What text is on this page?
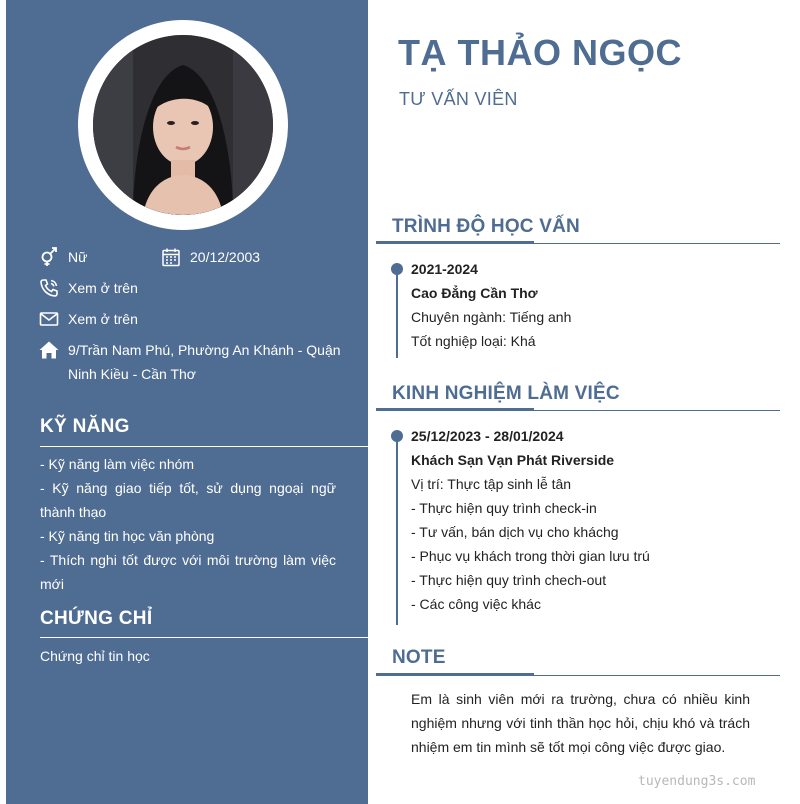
Nữ	20/12/2003
Xem ở trên
Xem ở trên
9/Trần Nam Phú, Phường An Khánh - Quận
Ninh Kiều - Cần Thơ
KỸ NĂNG
- Kỹ năng làm việc nhóm
- Kỹ năng giao tiếp tốt, sử dụng ngoại ngữ thành thạo
- Kỹ năng tin học văn phòng
- Thích nghi tốt được với môi trường làm việc mới
CHỨNG CHỈ
Chứng chỉ tin học
TẠ THẢO NGỌC
TƯ VẤN VIÊN
TRÌNH ĐỘ HỌC VẤN
2021-2024
Cao Đẳng Cần Thơ
Chuyên ngành: Tiếng anh
Tốt nghiệp loại: Khá
KINH NGHIỆM LÀM VIỆC
25/12/2023 - 28/01/2024
Khách Sạn Vạn Phát Riverside
Vị trí: Thực tập sinh lễ tân
- Thực hiện quy trình check-in
- Tư vấn, bán dịch vụ cho kháchg
- Phục vụ khách trong thời gian lưu trú
- Thực hiện quy trình chech-out
- Các công việc khác
NOTE
Em là sinh viên mới ra trường, chưa có nhiều kinh nghiệm nhưng với tinh thần học hỏi, chịu khó và trách nhiệm em tin mình sẽ tốt mọi công việc được giao.
tuyendung3s.com
